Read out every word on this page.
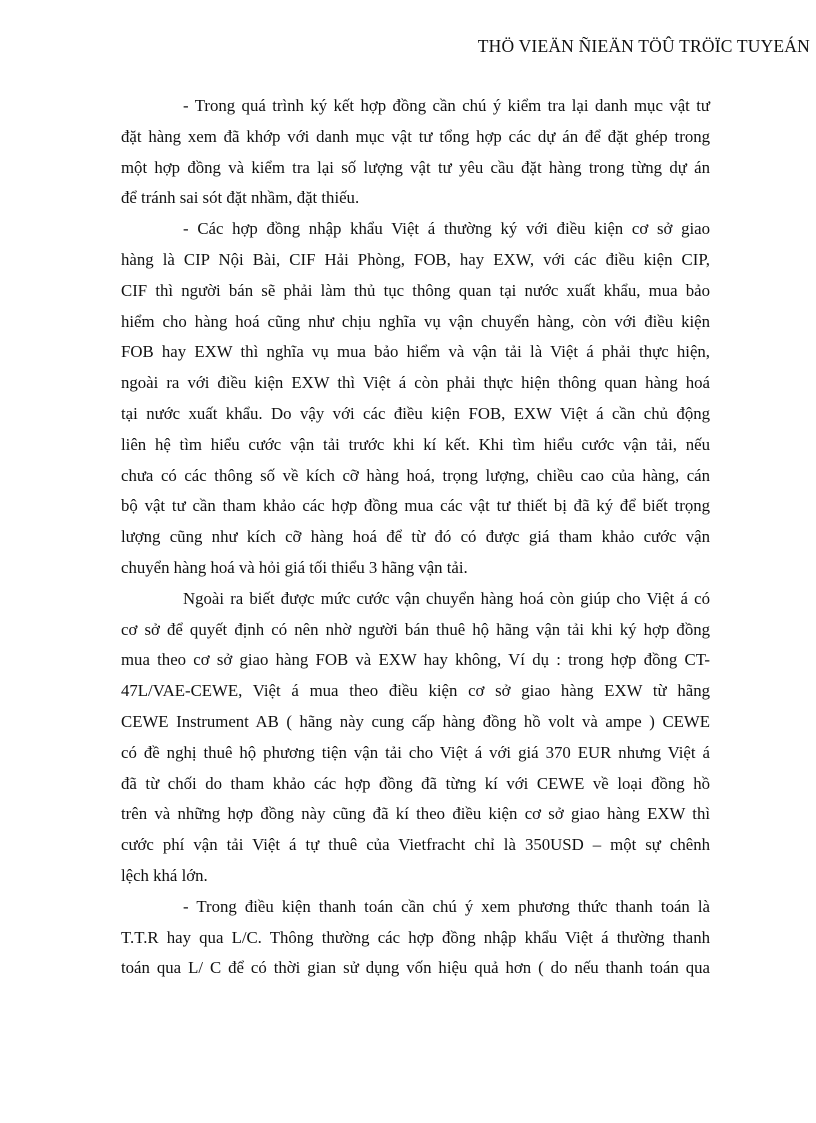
THÖ VIEÄN ÑIEÄN TÖÛ TRÖÏC TUYEÁN

- Trong quá trình ký kết hợp đồng cần chú ý kiểm tra lại danh mục vật tư
đặt hàng xem đã khớp với danh mục vật tư tổng hợp các dự án để đặt ghép trong
một hợp đồng và kiểm tra lại số lượng vật tư yêu cầu đặt hàng trong từng dự án
để tránh sai sót đặt nhầm, đặt thiếu.

- Các hợp đồng nhập khẩu Việt á thường ký với điều kiện cơ sở giao
hàng là CIP Nội Bài, CIF Hải Phòng, FOB, hay EXW, với các điều kiện CIP,
CIF thì người bán sẽ phải làm thủ tục thông quan tại nước xuất khẩu, mua bảo
hiểm cho hàng hoá cũng như chịu nghĩa vụ vận chuyển hàng, còn với điều kiện
FOB hay EXW thì nghĩa vụ mua bảo hiểm và vận tải là Việt á phải thực hiện,
ngoài ra với điều kiện EXW thì Việt á còn phải thực hiện thông quan hàng hoá
tại nước xuất khẩu. Do vậy với các điều kiện FOB, EXW Việt á cần chủ động
liên hệ tìm hiểu cước vận tải trước khi kí kết. Khi tìm hiểu cước vận tải, nếu
chưa có các thông số về kích cỡ hàng hoá, trọng lượng, chiều cao của hàng, cán
bộ vật tư cần tham khảo các hợp đồng mua các vật tư thiết bị đã ký để biết trọng
lượng cũng như kích cỡ hàng hoá để từ đó có được giá tham khảo cước vận
chuyển hàng hoá và hỏi giá tối thiểu 3 hãng vận tải.

Ngoài ra biết được mức cước vận chuyển hàng hoá còn giúp cho Việt á có
cơ sở để quyết định có nên nhờ người bán thuê hộ hãng vận tải khi ký hợp đồng
mua theo cơ sở giao hàng FOB và EXW hay không, Ví dụ : trong hợp đồng CT-
47L/VAE-CEWE, Việt á mua theo điều kiện cơ sở giao hàng EXW từ hãng
CEWE Instrument AB ( hãng này cung cấp hàng đồng hồ volt và ampe ) CEWE
có đề nghị thuê hộ phương tiện vận tải cho Việt á với giá 370 EUR nhưng Việt á
đã từ chối do tham khảo các hợp đồng đã từng kí với CEWE về loại đồng hồ
trên và những hợp đồng này cũng đã kí theo điều kiện cơ sở giao hàng EXW thì
cước phí vận tải Việt á tự thuê của Vietfracht chỉ là 350USD – một sự chênh
lệch khá lớn.

- Trong điều kiện thanh toán cần chú ý xem phương thức thanh toán là
T.T.R hay qua L/C. Thông thường các hợp đồng nhập khẩu Việt á thường thanh
toán qua L/ C để có thời gian sử dụng vốn hiệu quả hơn ( do nếu thanh toán qua
